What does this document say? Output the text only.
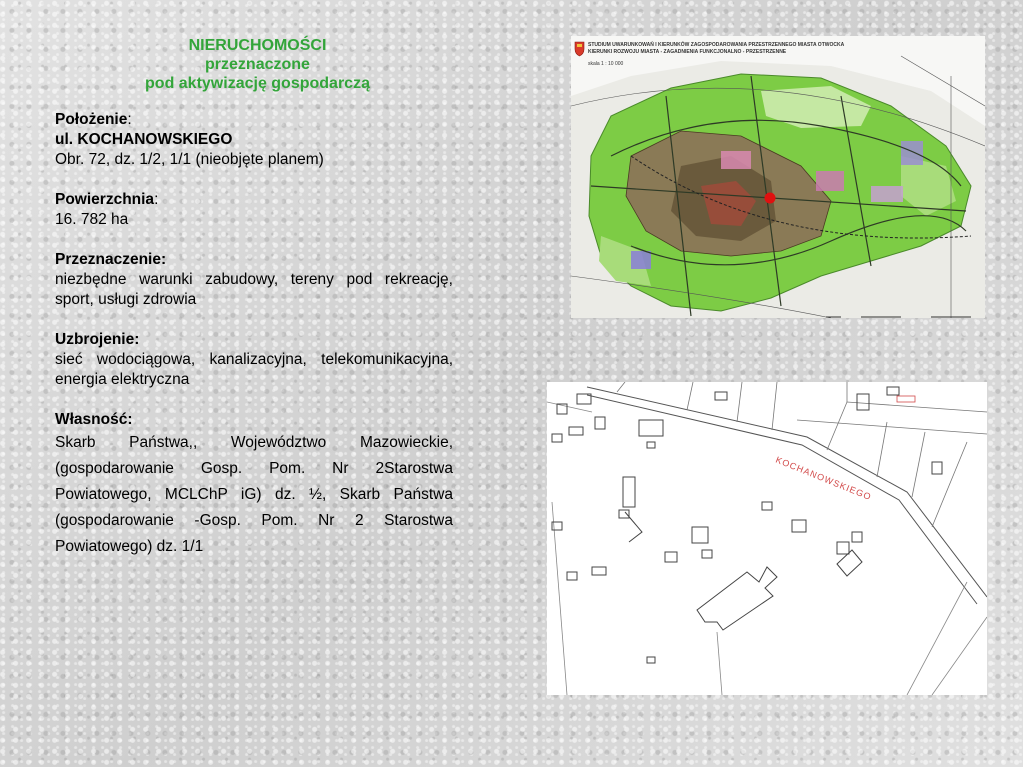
NIERUCHOMOŚCI
przeznaczone
pod aktywizację gospodarczą
Położenie:
ul. KOCHANOWSKIEGO
Obr. 72, dz. 1/2, 1/1 (nieobjęte planem)
Powierzchnia:
16. 782 ha
Przeznaczenie:
niezbędne warunki zabudowy, tereny pod rekreację, sport, usługi zdrowia
Uzbrojenie:
sieć wodociągowa, kanalizacyjna, telekomunikacyjna, energia elektryczna
Własność:
Skarb Państwa,, Województwo Mazowieckie, (gospodarowanie Gosp. Pom. Nr 2Starostwa Powiatowego, MCLChP iG) dz. ½, Skarb Państwa (gospodarowanie -Gosp. Pom. Nr 2 Starostwa Powiatowego) dz. 1/1
STUDIUM UWARUNKOWAŃ I KIERUNKÓW ZAGOSPODAROWANIA PRZESTRZENNEGO MIASTA OTWOCKA
KIERUNKI ROZWOJU MIASTA - ZAGADNIENIA FUNKCJONALNO - PRZESTRZENNE
skala 1 : 10 000
KOCHANOWSKIEGO
